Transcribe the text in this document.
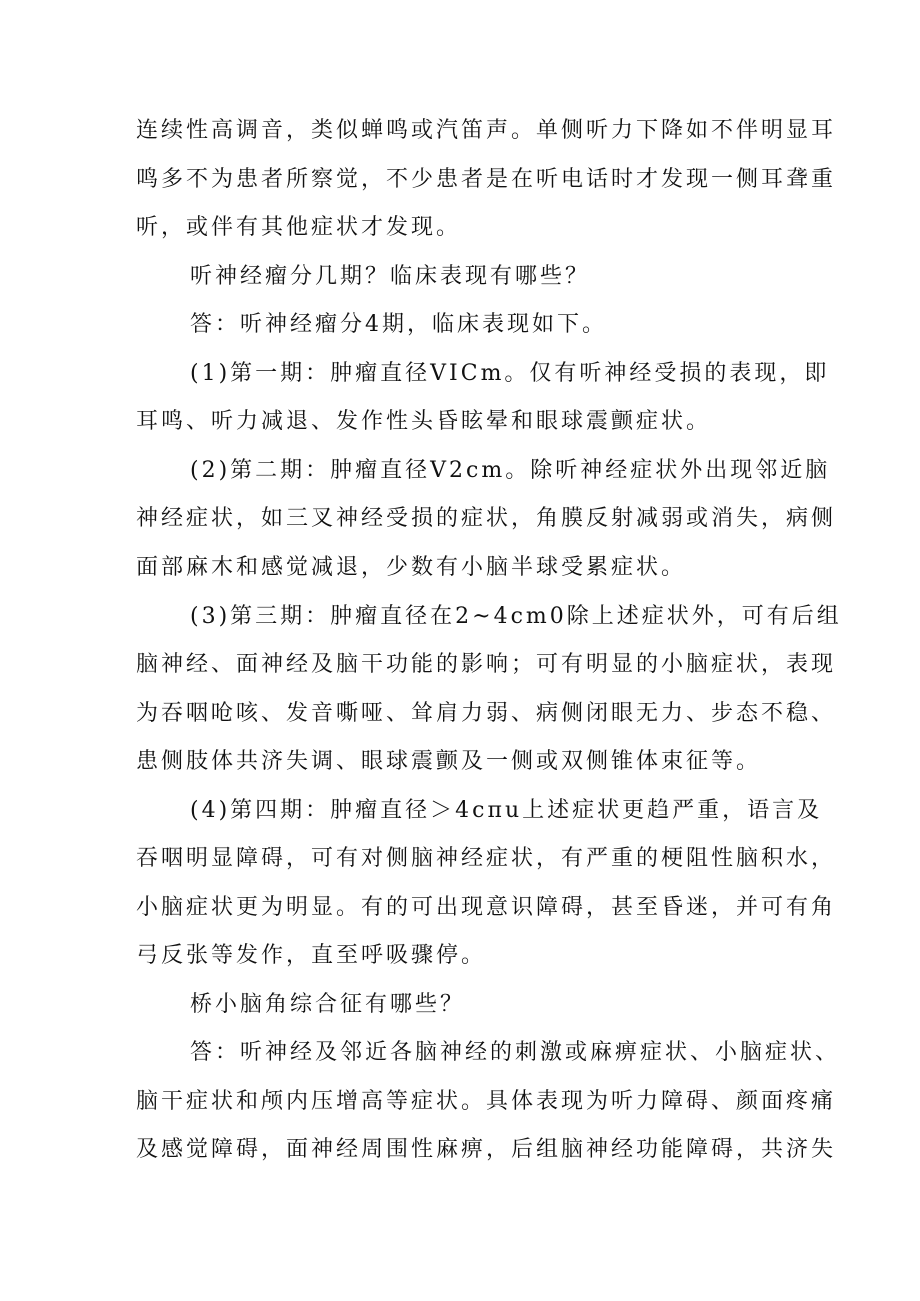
连续性高调音，类似蝉鸣或汽笛声。单侧听力下降如不伴明显耳

鸣多不为患者所察觉，不少患者是在听电话时才发现一侧耳聋重

听，或伴有其他症状才发现。

听神经瘤分几期？临床表现有哪些？

答：听神经瘤分4期，临床表现如下。

(1)第一期：肿瘤直径VICm。仅有听神经受损的表现，即

耳鸣、听力减退、发作性头昏眩晕和眼球震颤症状。

(2)第二期：肿瘤直径V2cm。除听神经症状外出现邻近脑

神经症状，如三叉神经受损的症状，角膜反射减弱或消失，病侧

面部麻木和感觉减退，少数有小脑半球受累症状。

(3)第三期：肿瘤直径在2~4cm0除上述症状外，可有后组

脑神经、面神经及脑干功能的影响；可有明显的小脑症状，表现

为吞咽呛咳、发音嘶哑、耸肩力弱、病侧闭眼无力、步态不稳、

患侧肢体共济失调、眼球震颤及一侧或双侧锥体束征等。

(4)第四期：肿瘤直径＞4cπu上述症状更趋严重，语言及

吞咽明显障碍，可有对侧脑神经症状，有严重的梗阻性脑积水，

小脑症状更为明显。有的可出现意识障碍，甚至昏迷，并可有角

弓反张等发作，直至呼吸骤停。

桥小脑角综合征有哪些？

答：听神经及邻近各脑神经的刺激或麻痹症状、小脑症状、

脑干症状和颅内压增高等症状。具体表现为听力障碍、颜面疼痛

及感觉障碍，面神经周围性麻痹，后组脑神经功能障碍，共济失
